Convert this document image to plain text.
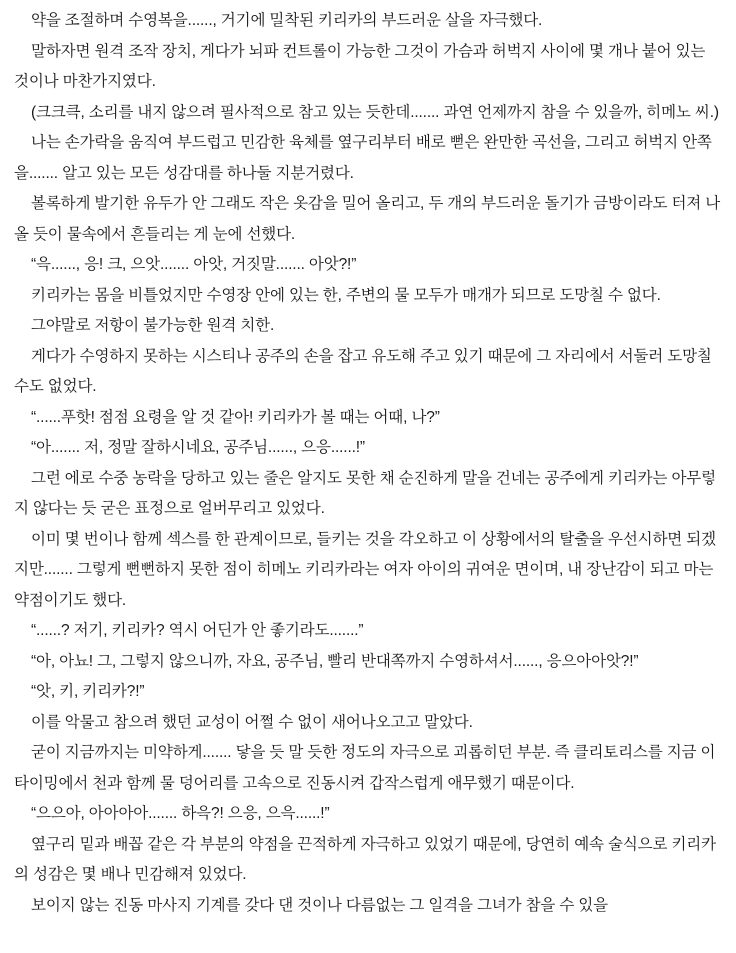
약을 조절하며 수영복을......, 거기에 밀착된 키리카의 부드러운 살을 자극했다.

말하자면 원격 조작 장치, 게다가 뇌파 컨트롤이 가능한 그것이 가슴과 허벅지 사이에 몇 개나 붙어 있는 것이나 마찬가지였다.

(크크큭, 소리를 내지 않으려 필사적으로 참고 있는 듯한데....... 과연 언제까지 참을 수 있을까, 히메노 씨.)

나는 손가락을 움직여 부드럽고 민감한 육체를 옆구리부터 배로 뻗은 완만한 곡선을, 그리고 허벅지 안쪽을....... 알고 있는 모든 성감대를 하나둘 지분거렸다.

볼록하게 발기한 유두가 안 그래도 작은 옷감을 밀어 올리고, 두 개의 부드러운 돌기가 금방이라도 터져 나올 듯이 물속에서 흔들리는 게 눈에 선했다.

“윽......, 응! 크, 으앗....... 아앗, 거짓말....... 아앗?!”

키리카는 몸을 비틀었지만 수영장 안에 있는 한, 주변의 물 모두가 매개가 되므로 도망칠 수 없다.

그야말로 저항이 불가능한 원격 치한.

게다가 수영하지 못하는 시스티나 공주의 손을 잡고 유도해 주고 있기 때문에 그 자리에서 서둘러 도망칠 수도 없었다.

“......푸핫! 점점 요령을 알 것 같아! 키리카가 볼 때는 어때, 나?”

“아....... 저, 정말 잘하시네요, 공주님......, 으응......!”

그런 에로 수중 농락을 당하고 있는 줄은 알지도 못한 채 순진하게 말을 건네는 공주에게 키리카는 아무렇지 않다는 듯 굳은 표정으로 얼버무리고 있었다.

이미 몇 번이나 함께 섹스를 한 관계이므로, 들키는 것을 각오하고 이 상황에서의 탈출을 우선시하면 되겠지만....... 그렇게 뻔뻔하지 못한 점이 히메노 키리카라는 여자 아이의 귀여운 면이며, 내 장난감이 되고 마는 약점이기도 했다.

“......? 저기, 키리카? 역시 어딘가 안 좋기라도.......”

“아, 아뇨! 그, 그렇지 않으니까, 자요, 공주님, 빨리 반대쪽까지 수영하셔서......, 응으아아앗?!”

“앗, 키, 키리카?!”

이를 악물고 참으려 했던 교성이 어쩔 수 없이 새어나오고고 말았다.

굳이 지금까지는 미약하게....... 닿을 듯 말 듯한 정도의 자극으로 괴롭히던 부분. 즉 클리토리스를 지금 이 타이밍에서 천과 함께 물 덩어리를 고속으로 진동시켜 갑작스럽게 애무했기 때문이다.

“으으아, 아아아아....... 하윽?! 으응, 으윽......!”

옆구리 밑과 배꼽 같은 각 부분의 약점을 끈적하게 자극하고 있었기 때문에, 당연히 예속 술식으로 키리카의 성감은 몇 배나 민감해져 있었다.

보이지 않는 진동 마사지 기계를 갖다 댄 것이나 다름없는 그 일격을 그녀가 참을 수 있을
